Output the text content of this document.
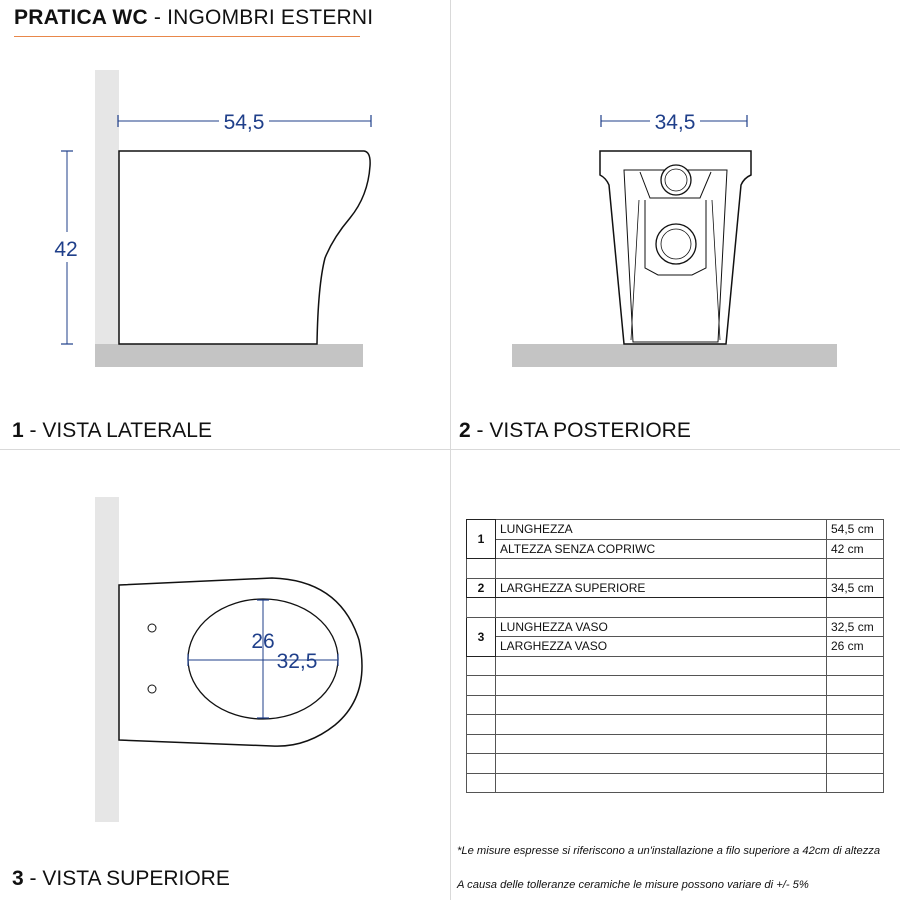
PRATICA WC - INGOMBRI ESTERNI
54,5
42
34,5
26
32,5
1 - VISTA LATERALE	2 - VISTA POSTERIORE
3 - VISTA SUPERIORE
1	LUNGHEZZA	54,5 cm
	ALTEZZA SENZA COPRIWC	42 cm

2	LARGHEZZA SUPERIORE	34,5 cm

3	LUNGHEZZA VASO	32,5 cm
	LARGHEZZA VASO	26 cm

*Le misure espresse si riferiscono a un'installazione a filo superiore a 42cm di altezza
A causa delle tolleranze ceramiche le misure possono variare di +/- 5%
